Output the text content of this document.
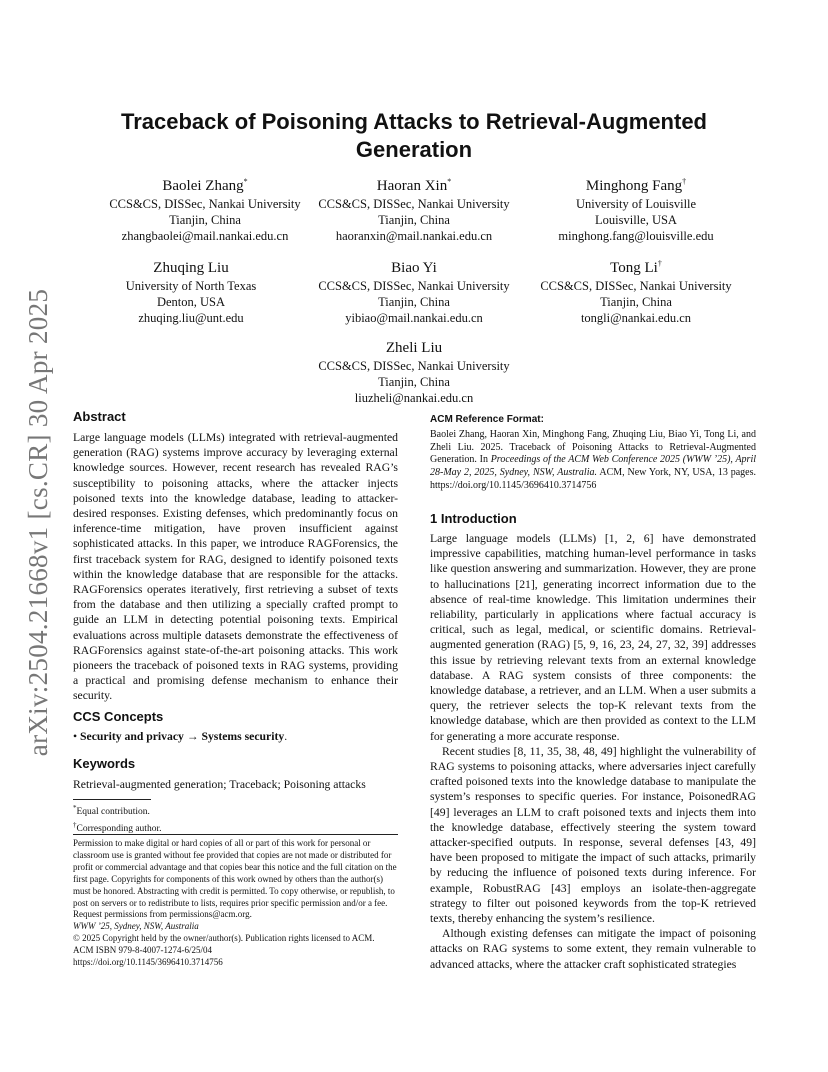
arXiv:2504.21668v1 [cs.CR] 30 Apr 2025
Traceback of Poisoning Attacks to Retrieval-Augmented Generation
Baolei Zhang*
CCS&CS, DISSec, Nankai University
Tianjin, China
zhangbaolei@mail.nankai.edu.cn
Haoran Xin*
CCS&CS, DISSec, Nankai University
Tianjin, China
haoranxin@mail.nankai.edu.cn
Minghong Fang†
University of Louisville
Louisville, USA
minghong.fang@louisville.edu
Zhuqing Liu
University of North Texas
Denton, USA
zhuqing.liu@unt.edu
Biao Yi
CCS&CS, DISSec, Nankai University
Tianjin, China
yibiao@mail.nankai.edu.cn
Tong Li†
CCS&CS, DISSec, Nankai University
Tianjin, China
tongli@nankai.edu.cn
Zheli Liu
CCS&CS, DISSec, Nankai University
Tianjin, China
liuzheli@nankai.edu.cn
Abstract

Large language models (LLMs) integrated with retrieval-augmented generation (RAG) systems improve accuracy by leveraging external knowledge sources. However, recent research has revealed RAG’s susceptibility to poisoning attacks, where the attacker injects poisoned texts into the knowledge database, leading to attacker-desired responses. Existing defenses, which predominantly focus on inference-time mitigation, have proven insufficient against sophisticated attacks. In this paper, we introduce RAGForensics, the first traceback system for RAG, designed to identify poisoned texts within the knowledge database that are responsible for the attacks. RAGForensics operates iteratively, first retrieving a subset of texts from the database and then utilizing a specially crafted prompt to guide an LLM in detecting potential poisoning texts. Empirical evaluations across multiple datasets demonstrate the effectiveness of RAGForensics against state-of-the-art poisoning attacks. This work pioneers the traceback of poisoned texts in RAG systems, providing a practical and promising defense mechanism to enhance their security.

CCS Concepts
• Security and privacy → Systems security.
Keywords
Retrieval-augmented generation; Traceback; Poisoning attacks
*Equal contribution.
†Corresponding author.
Permission to make digital or hard copies of all or part of this work for personal or classroom use is granted without fee provided that copies are not made or distributed for profit or commercial advantage and that copies bear this notice and the full citation on the first page. Copyrights for components of this work owned by others than the author(s) must be honored. Abstracting with credit is permitted. To copy otherwise, or republish, to post on servers or to redistribute to lists, requires prior specific permission and/or a fee. Request permissions from permissions@acm.org.
WWW ’25, Sydney, NSW, Australia
© 2025 Copyright held by the owner/author(s). Publication rights licensed to ACM.
ACM ISBN 979-8-4007-1274-6/25/04
https://doi.org/10.1145/3696410.3714756
ACM Reference Format:
Baolei Zhang, Haoran Xin, Minghong Fang, Zhuqing Liu, Biao Yi, Tong Li, and Zheli Liu. 2025. Traceback of Poisoning Attacks to Retrieval-Augmented Generation. In Proceedings of the ACM Web Conference 2025 (WWW ’25), April 28-May 2, 2025, Sydney, NSW, Australia. ACM, New York, NY, USA, 13 pages. https://doi.org/10.1145/3696410.3714756
1 Introduction

Large language models (LLMs) [1, 2, 6] have demonstrated impressive capabilities, matching human-level performance in tasks like question answering and summarization. However, they are prone to hallucinations [21], generating incorrect information due to the absence of real-time knowledge. This limitation undermines their reliability, particularly in applications where factual accuracy is critical, such as legal, medical, or scientific domains. Retrieval-augmented generation (RAG) [5, 9, 16, 23, 24, 27, 32, 39] addresses this issue by retrieving relevant texts from an external knowledge database. A RAG system consists of three components: the knowledge database, a retriever, and an LLM. When a user submits a query, the retriever selects the top-K relevant texts from the knowledge database, which are then provided as context to the LLM for generating a more accurate response.

Recent studies [8, 11, 35, 38, 48, 49] highlight the vulnerability of RAG systems to poisoning attacks, where adversaries inject carefully crafted poisoned texts into the knowledge database to manipulate the system’s responses to specific queries. For instance, PoisonedRAG [49] leverages an LLM to craft poisoned texts and injects them into the knowledge database, effectively steering the system toward attacker-specified outputs. In response, several defenses [43, 49] have been proposed to mitigate the impact of such attacks, primarily by reducing the influence of poisoned texts during inference. For example, RobustRAG [43] employs an isolate-then-aggregate strategy to filter out poisoned keywords from the top-K retrieved texts, thereby enhancing the system’s resilience.

Although existing defenses can mitigate the impact of poisoning attacks on RAG systems to some extent, they remain vulnerable to advanced attacks, where the attacker craft sophisticated strategies
